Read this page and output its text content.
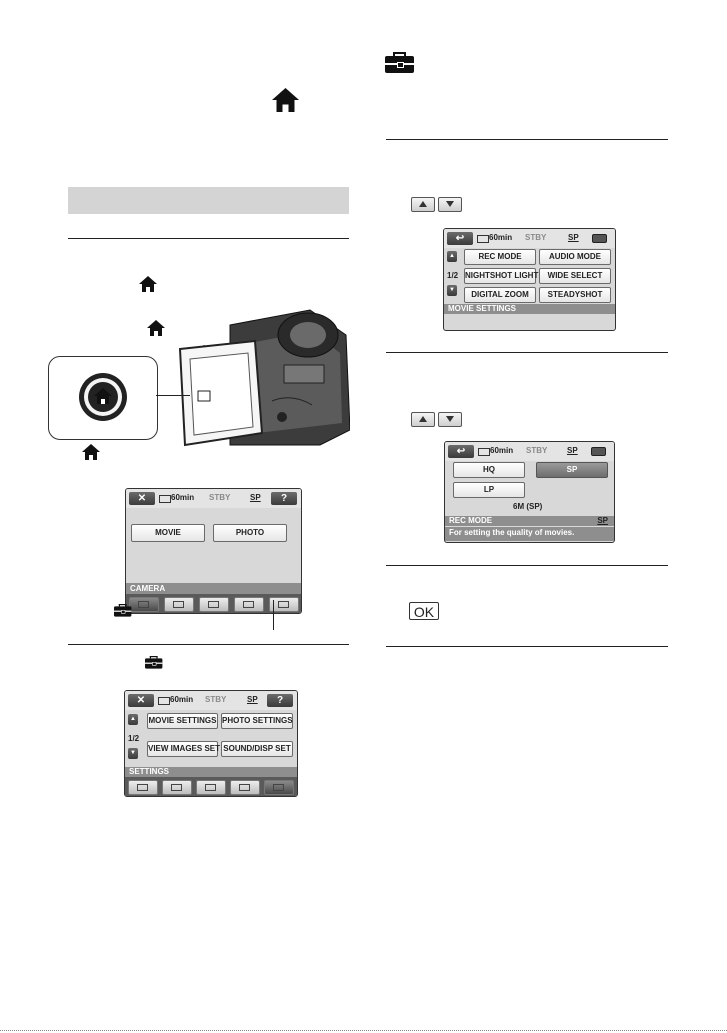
✕	60min STBY SP	?
MOVIE	PHOTO
CAMERA
✕	60min STBY	SP	?
▲
1/2
▼
MOVIE SETTINGS PHOTO SETTINGS
VIEW IMAGES SET SOUND/DISP SET
SETTINGS
↩	60min STBY	SP
▲
1/2
▼
REC MODE	AUDIO MODE
NIGHTSHOT LIGHT	WIDE SELECT
DIGITAL ZOOM	STEADYSHOT
MOVIE SETTINGS
↩	60min STBY SP
HQ	SP
LP
6M (SP)
REC MODE	SP
For setting the quality of movies.
OK
